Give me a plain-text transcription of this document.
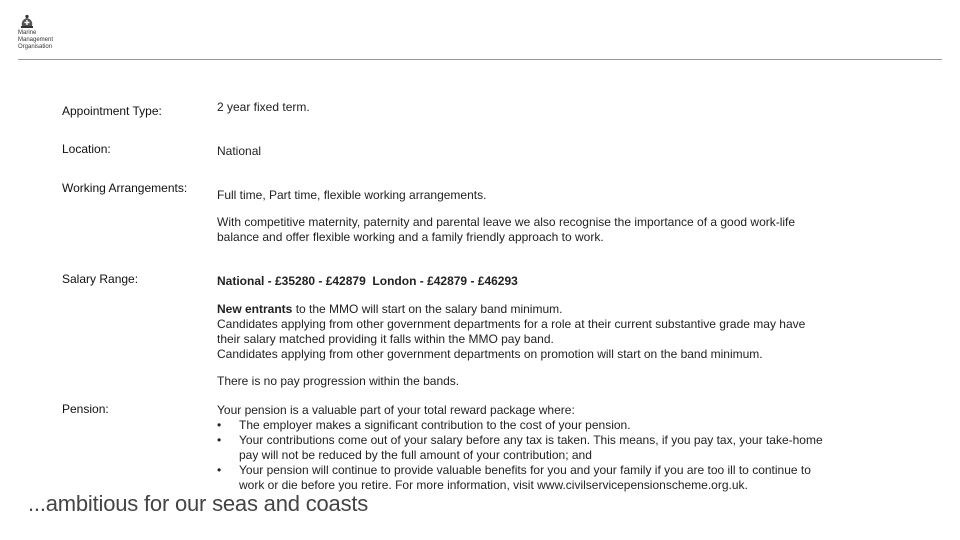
Marine
Management
Organisation
Appointment Type:
Location:
Working Arrangements:
Salary Range:
Pension:
2 year fixed term.
National
Full time, Part time, flexible working arrangements.
With competitive maternity, paternity and parental leave we also recognise the importance of a good work-life balance and offer flexible working and a family friendly approach to work.
National - £35280 - £42879  London - £42879 - £46293
New entrants to the MMO will start on the salary band minimum.
Candidates applying from other government departments for a role at their current substantive grade may have their salary matched providing it falls within the MMO pay band.
Candidates applying from other government departments on promotion will start on the band minimum.
There is no pay progression within the bands.
Your pension is a valuable part of your total reward package where:
• The employer makes a significant contribution to the cost of your pension.
• Your contributions come out of your salary before any tax is taken. This means, if you pay tax, your take-home pay will not be reduced by the full amount of your contribution; and
• Your pension will continue to provide valuable benefits for you and your family if you are too ill to continue to work or die before you retire. For more information, visit www.civilservicepensionscheme.org.uk.
...ambitious for our seas and coasts
